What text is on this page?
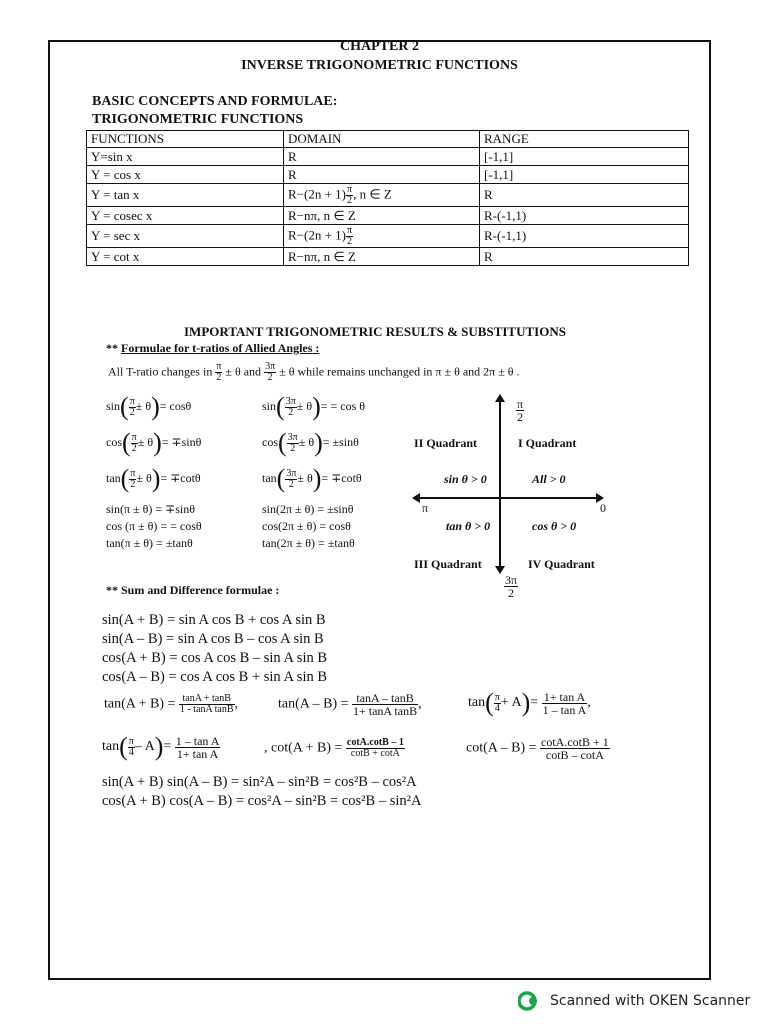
CHAPTER 2
INVERSE TRIGONOMETRIC FUNCTIONS
BASIC CONCEPTS AND FORMULAE:
TRIGONOMETRIC FUNCTIONS
FUNCTIONS	DOMAIN	RANGE
Y=sin x	R	[-1,1]
Y = cos x	R	[-1,1]
Y = tan x	$R-(2n + 1) \frac{\pi}{2}$ , n ∈ Z	R
Y = cosec x	R−nπ, n ∈ Z	R-(-1,1)
Y = sec x	$R-(2n + 1) \frac{\pi}{2}$	R-(-1,1)
Y = cot x	R−nπ, n ∈ Z	R
IMPORTANT TRIGONOMETRIC RESULTS & SUBSTITUTIONS
** Formulae for t-ratios of Allied Angles :
All T-ratio changes in $\frac{\pi}{2} \pm \theta$ and $\frac{3\pi}{2} \pm \theta$ while remains unchanged in π ± θ and 2π ± θ .
$\sin( \frac{\pi}{2} \pm \theta)= \cos\theta$
$\cos( \frac{\pi}{2} \pm \theta)= \mp\sin\theta$
$\tan( \frac{\pi}{2} \pm \theta)= \mp\cot\theta$
sin(π ± θ) = ∓sinθ
cos (π ± θ) = = cosθ
tan(π ± θ) = ±tanθ
$\sin( \frac{3\pi}{2} \pm \theta)= = \cos \theta$
$\cos( \frac{3\pi}{2} \pm \theta)= \pm\sin\theta$
$\tan( \frac{3\pi}{2} \pm \theta)= \mp\cot\theta$
sin(2π ± θ) = ±sinθ
cos(2π ± θ) = cosθ
tan(2π ± θ) = ±tanθ
$\frac{\pi}{2}$
II Quadrant	I Quadrant
sin θ > 0	All > 0
π	0
tan θ > 0	cos θ > 0
III Quadrant	IV Quadrant
$\frac{3\pi}{2}$
** Sum and Difference formulae :
sin(A + B) = sin A cos B + cos A sin B
sin(A – B) = sin A cos B – cos A sin B
cos(A + B) = cos A cos B – sin A sin B
cos(A – B) = cos A cos B + sin A sin B
$\tan(A + B) = \frac{\tan A + \tan B}{\text{1 - tanA tanB}}$ ,	$\tan(A - B) = \frac{\tan A - \tan B}{\text{1+ tanA tanB}}$ ,	$\tan( \frac{\pi}{4} + A)= \frac{\text{1+ tan A}}{\text{1 – tan A}}$ ,
$\tan( \frac{\pi}{4} - A)= \frac{\text{1 – tan A}}{\text{1+ tan A}}$	, $\cot(A + B) = \frac{\cot A.\cot B - 1}{\cot B + \cot A}$	$\cot(A - B) = \frac{\cot A.\cot B + 1}{\cot B - \cot A}$
sin(A + B) sin(A – B) = sin²A – sin²B = cos²B – cos²A
cos(A + B) cos(A – B) = cos²A – sin²B = cos²B – sin²A
Scanned with OKEN Scanner
